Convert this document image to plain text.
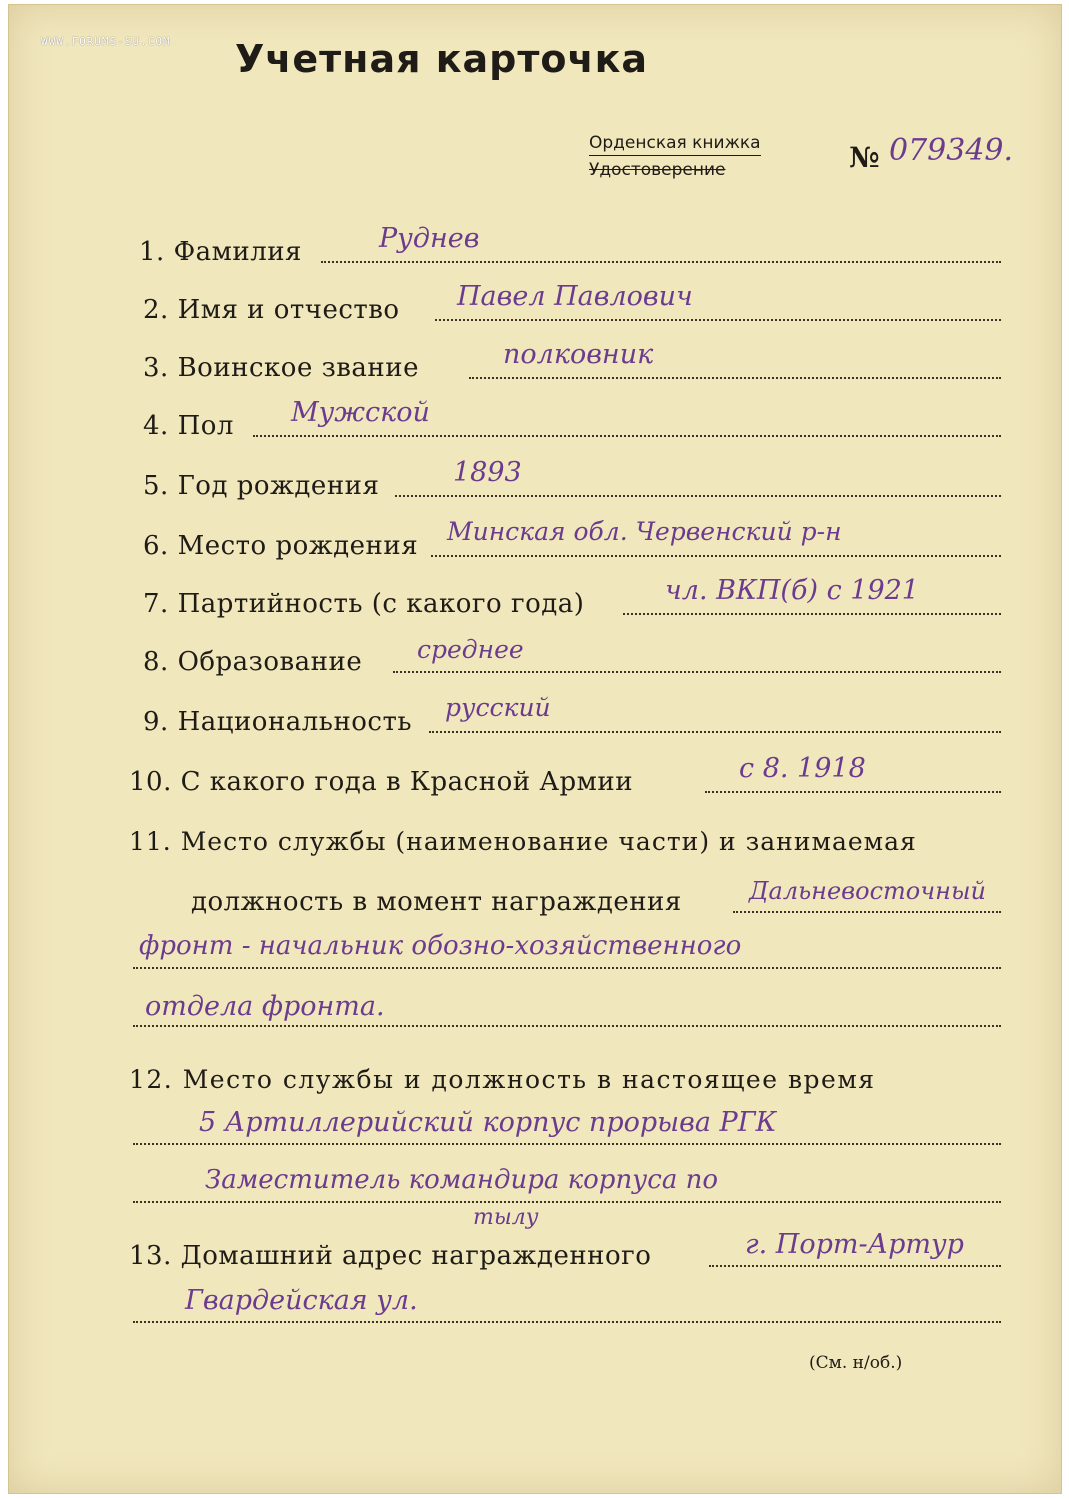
WWW.FORUMS-SU.COM Учетная карточка
Орденская книжка
Удостоверение	№ 079349.
1. Фамилия	Руднев
2. Имя и отчество Павел Павлович
3. Воинское звание	полковник
4. Пол Мужской
5. Год рождения	1893
6. Место рождения Минская обл. Червенский р-н
7. Партийность (с какого года)	чл. ВКП(б) с 1921
8. Образование среднее
9. Национальность русский
10. С какого года в Красной Армии	с 8. 1918
11. Место службы (наименование части) и занимаемая
должность в момент награждения	Дальневосточный
фронт - начальник обозно-хозяйственного
отдела фронта.
12. Место службы и должность в настоящее время
5 Артиллерийский корпус прорыва РГК
Заместитель командира корпуса по
тылу
13. Домашний адрес награжденного	г. Порт-Артур
Гвардейская ул.
(См. н/об.)
